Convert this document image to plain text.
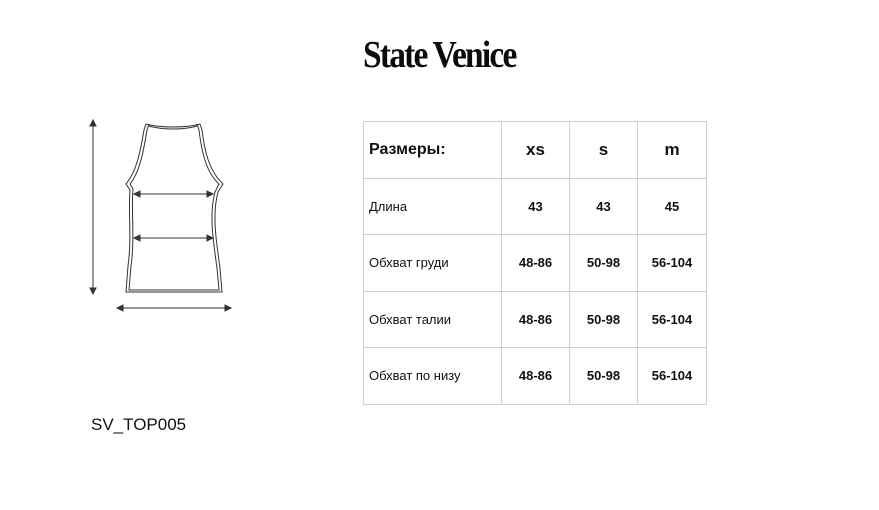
State Venice
SV_TOP005
Размеры:	xs	s	m
Длина	43	43	45
Обхват груди	48-86	50-98	56-104
Обхват талии	48-86	50-98	56-104
Обхват по низу	48-86	50-98	56-104
